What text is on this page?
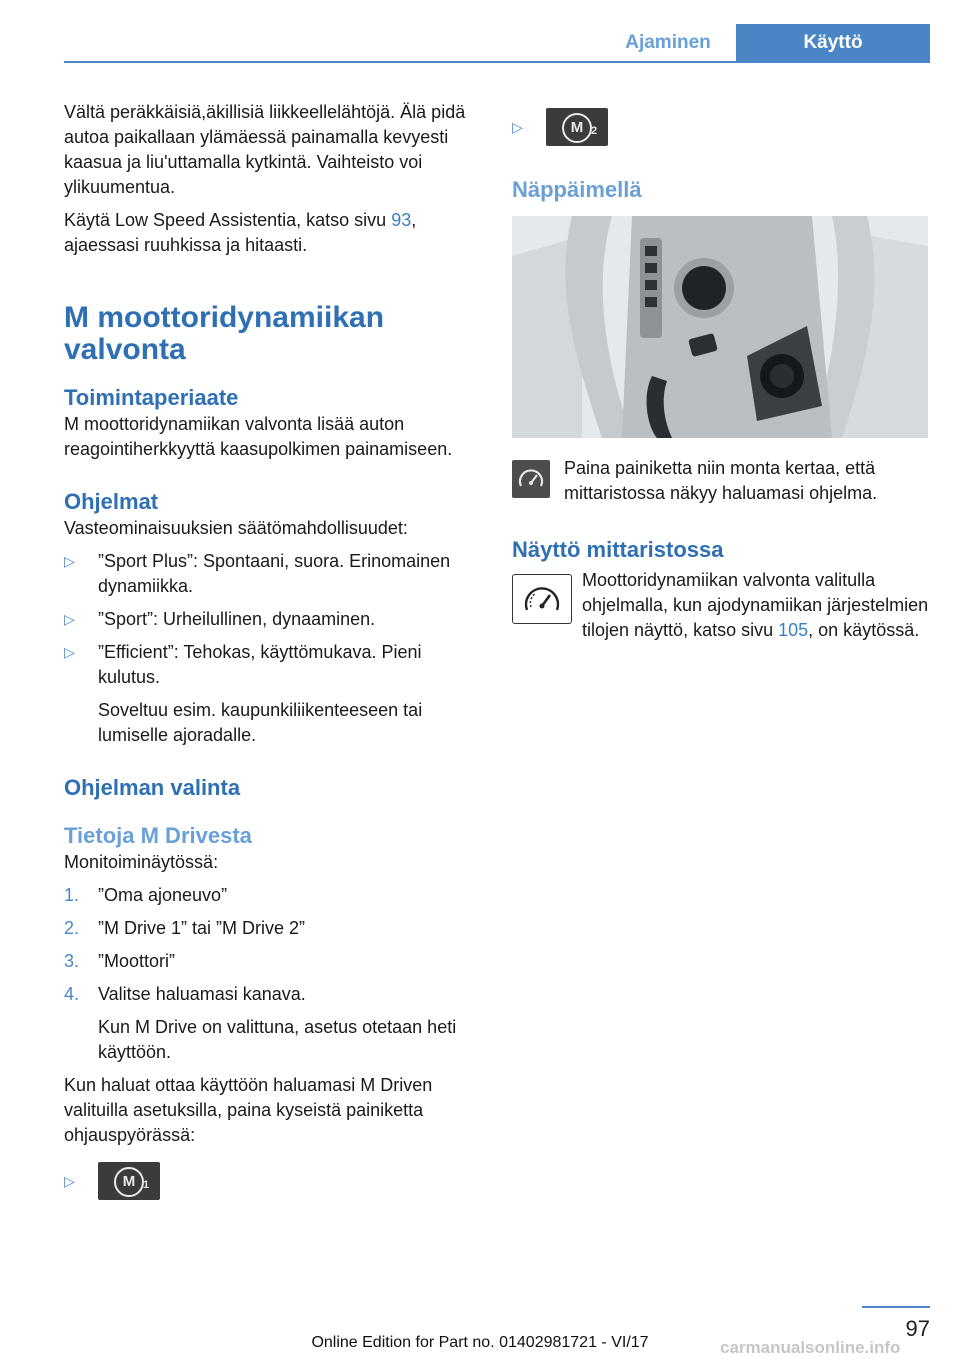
Ajaminen	Käyttö

Vältä peräkkäisiä,äkillisiä liikkeellelähtöjä. Älä pidä autoa paikallaan ylämäessä painamalla kevyesti kaasua ja liu'uttamalla kytkintä. Vaihteisto voi ylikuumentua.

Käytä Low Speed Assistentia, katso sivu 93, ajaessasi ruuhkissa ja hitaasti.

M moottoridynamiikan valvonta
Toimintaperiaate

M moottoridynamiikan valvonta lisää auton reagointiherkkyyttä kaasupolkimen painamiseen.

Ohjelmat

Vasteominaisuuksien säätömahdollisuudet:

▷ ”Sport Plus”: Spontaani, suora. Erinomainen dynamiikka.
▷ ”Sport”: Urheilullinen, dynaaminen.
▷ ”Efficient”: Tehokas, käyttömukava. Pieni kulutus.
Soveltuu esim. kaupunkiliikenteeseen tai lumiselle ajoradalle.
Ohjelman valinta
Tietoja M Drivesta

Monitoiminäytössä:

1. ”Oma ajoneuvo”
2. ”M Drive 1” tai ”M Drive 2”
3. ”Moottori”
4. Valitse haluamasi kanava.
Kun M Drive on valittuna, asetus otetaan heti käyttöön.

Kun haluat ottaa käyttöön haluamasi M Driven valituilla asetuksilla, paina kyseistä painiketta ohjauspyörässä:

▷	M 1
▷	M 2
Näppäimellä

Paina painiketta niin monta kertaa, että mittaristossa näkyy haluamasi ohjelma.

Näyttö mittaristossa

Moottoridynamiikan valvonta valitulla ohjelmalla, kun ajodynamiikan järjestelmien tilojen näyttö, katso sivu 105, on käytössä.

97
carmanualsonline.info
Online Edition for Part no. 01402981721 - VI/17
